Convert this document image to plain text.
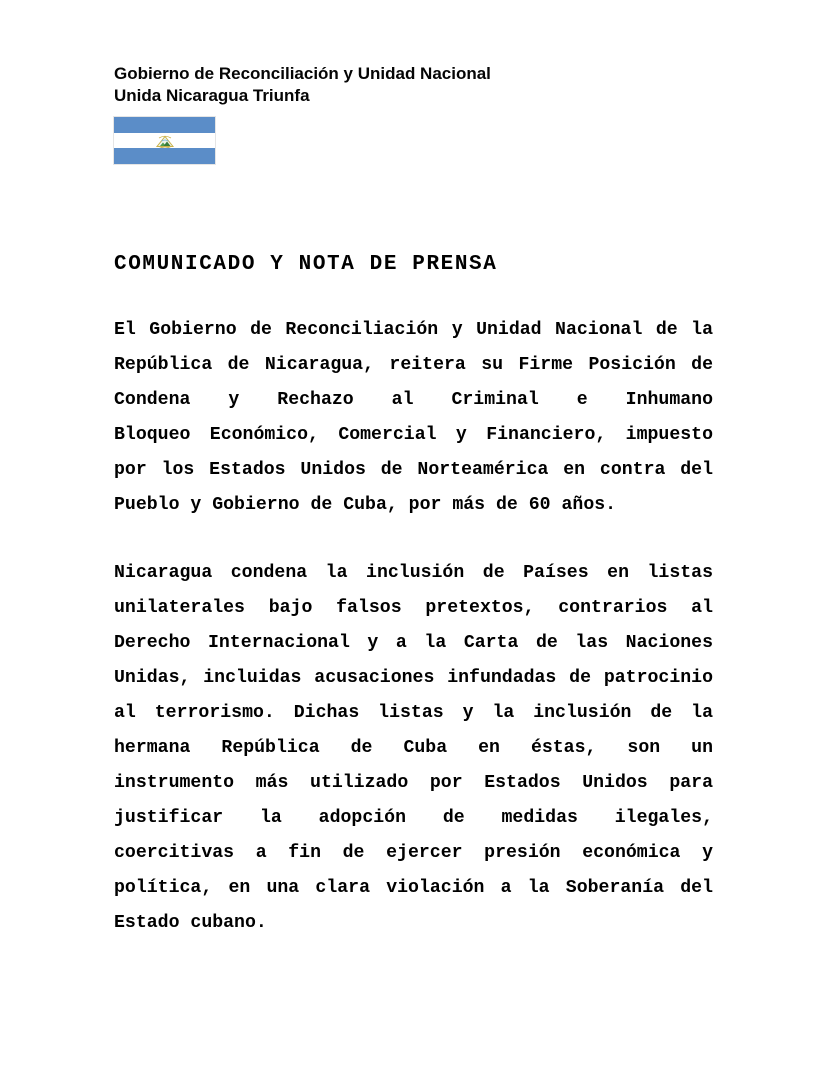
Gobierno de Reconciliación y Unidad Nacional
Unida Nicaragua Triunfa
COMUNICADO Y NOTA DE PRENSA
El Gobierno de Reconciliación y Unidad Nacional de la
República de Nicaragua, reitera su Firme Posición de
Condena y Rechazo al Criminal e Inhumano
Bloqueo Económico, Comercial y Financiero, impuesto
por los Estados Unidos de Norteamérica en contra del
Pueblo y Gobierno de Cuba, por más de 60 años.
Nicaragua condena la inclusión de Países en listas
unilaterales bajo falsos pretextos, contrarios al
Derecho Internacional y a la Carta de las Naciones
Unidas, incluidas acusaciones infundadas de patrocinio
al terrorismo. Dichas listas y la inclusión de la
hermana República de Cuba en éstas, son un
instrumento más utilizado por Estados Unidos para
justificar la adopción de medidas ilegales,
coercitivas a fin de ejercer presión económica y
política, en una clara violación a la Soberanía del
Estado cubano.
